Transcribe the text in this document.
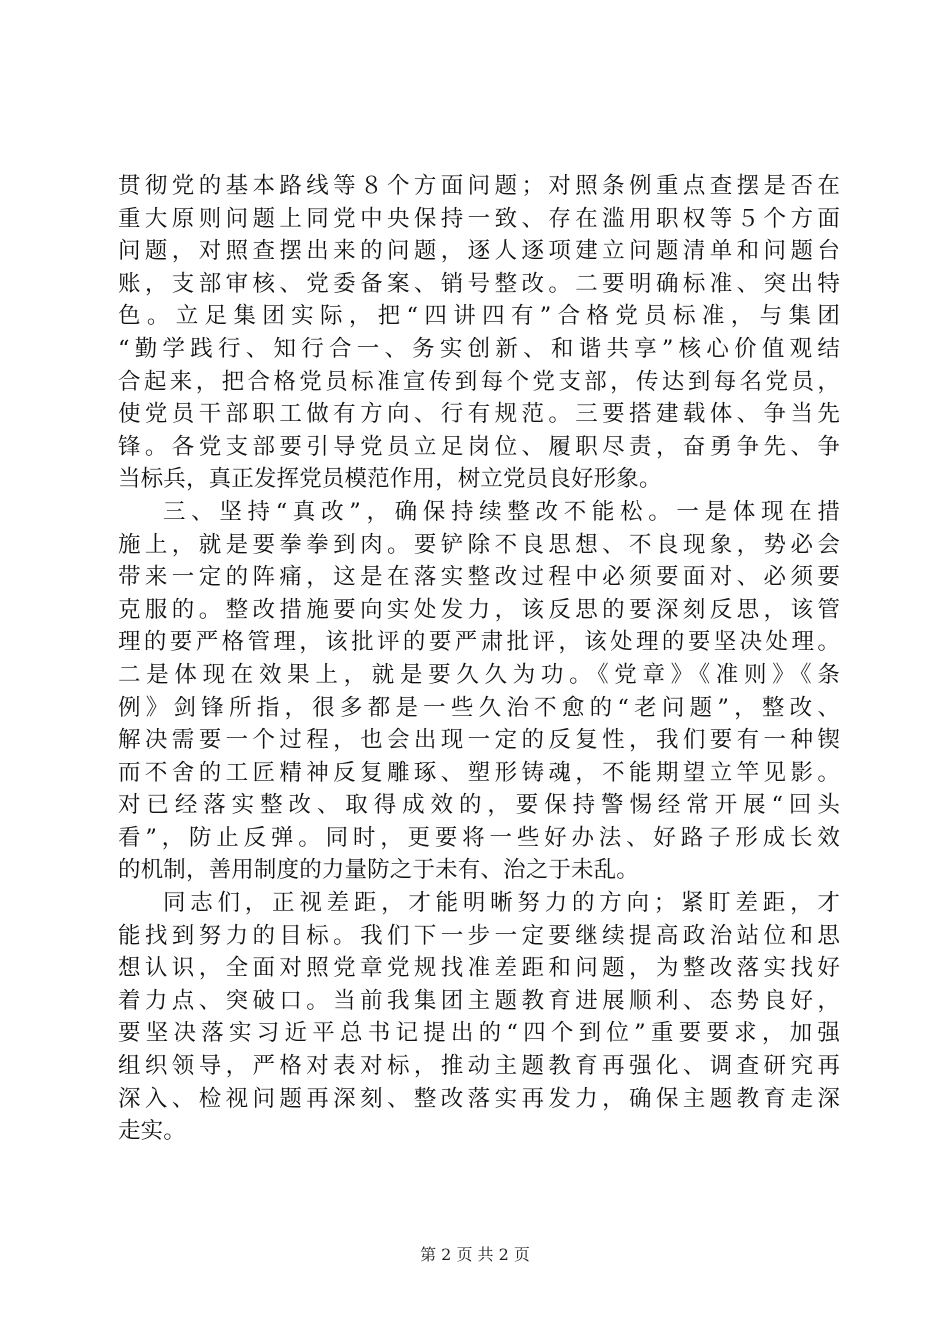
贯彻党的基本路线等８个方面问题；对照条例重点查摆是否在
重大原则问题上同党中央保持一致、存在滥用职权等５个方面
问题，对照查摆出来的问题，逐人逐项建立问题清单和问题台
账，支部审核、党委备案、销号整改。二要明确标准、突出特
色。立足集团实际，把“四讲四有”合格党员标准，与集团
“勤学践行、知行合一、务实创新、和谐共享”核心价值观结
合起来，把合格党员标准宣传到每个党支部，传达到每名党员，
使党员干部职工做有方向、行有规范。三要搭建载体、争当先
锋。各党支部要引导党员立足岗位、履职尽责，奋勇争先、争
当标兵，真正发挥党员模范作用，树立党员良好形象。
三、坚持“真改”，确保持续整改不能松。一是体现在措
施上，就是要拳拳到肉。要铲除不良思想、不良现象，势必会
带来一定的阵痛，这是在落实整改过程中必须要面对、必须要
克服的。整改措施要向实处发力，该反思的要深刻反思，该管
理的要严格管理，该批评的要严肃批评，该处理的要坚决处理。
二是体现在效果上，就是要久久为功。《党章》《准则》《条
例》剑锋所指，很多都是一些久治不愈的“老问题”，整改、
解决需要一个过程，也会出现一定的反复性，我们要有一种锲
而不舍的工匠精神反复雕琢、塑形铸魂，不能期望立竿见影。
对已经落实整改、取得成效的，要保持警惕经常开展“回头
看”，防止反弹。同时，更要将一些好办法、好路子形成长效
的机制，善用制度的力量防之于未有、治之于未乱。
同志们，正视差距，才能明晰努力的方向；紧盯差距，才
能找到努力的目标。我们下一步一定要继续提高政治站位和思
想认识，全面对照党章党规找准差距和问题，为整改落实找好
着力点、突破口。当前我集团主题教育进展顺利、态势良好，
要坚决落实习近平总书记提出的“四个到位”重要要求，加强
组织领导，严格对表对标，推动主题教育再强化、调查研究再
深入、检视问题再深刻、整改落实再发力，确保主题教育走深
走实。
第 2 页 共 2 页
